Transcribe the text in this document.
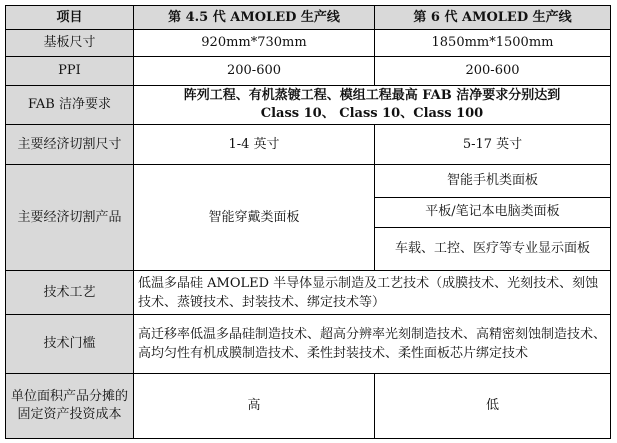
项目	第 4.5 代 AMOLED 生产线	第 6 代 AMOLED 生产线
基板尺寸	920mm*730mm	1850mm*1500mm
PPI	200-600	200-600
FAB 洁净要求	阵列工程、有机蒸镀工程、模组工程最高 FAB 洁净要求分别达到
Class 10、 Class 10、Class 100	

主要经济切割尺寸	1-4 英寸	5-17 英寸
主要经济切割产品	智能穿戴类面板	智能手机类面板
		平板/笔记本电脑类面板
		车载、工控、医疗等专业显示面板
技术工艺	低温多晶硅 AMOLED 半导体显示制造及工艺技术（成膜技术、光刻技术、刻蚀技术、蒸镀技术、封装技术、绑定技术等）	
技术门槛	高迁移率低温多晶硅制造技术、超高分辨率光刻制造技术、高精密刻蚀制造技术、高均匀性有机成膜制造技术、柔性封装技术、柔性面板芯片绑定技术	
单位面积产品分摊的固定资产投资成本	高	低
